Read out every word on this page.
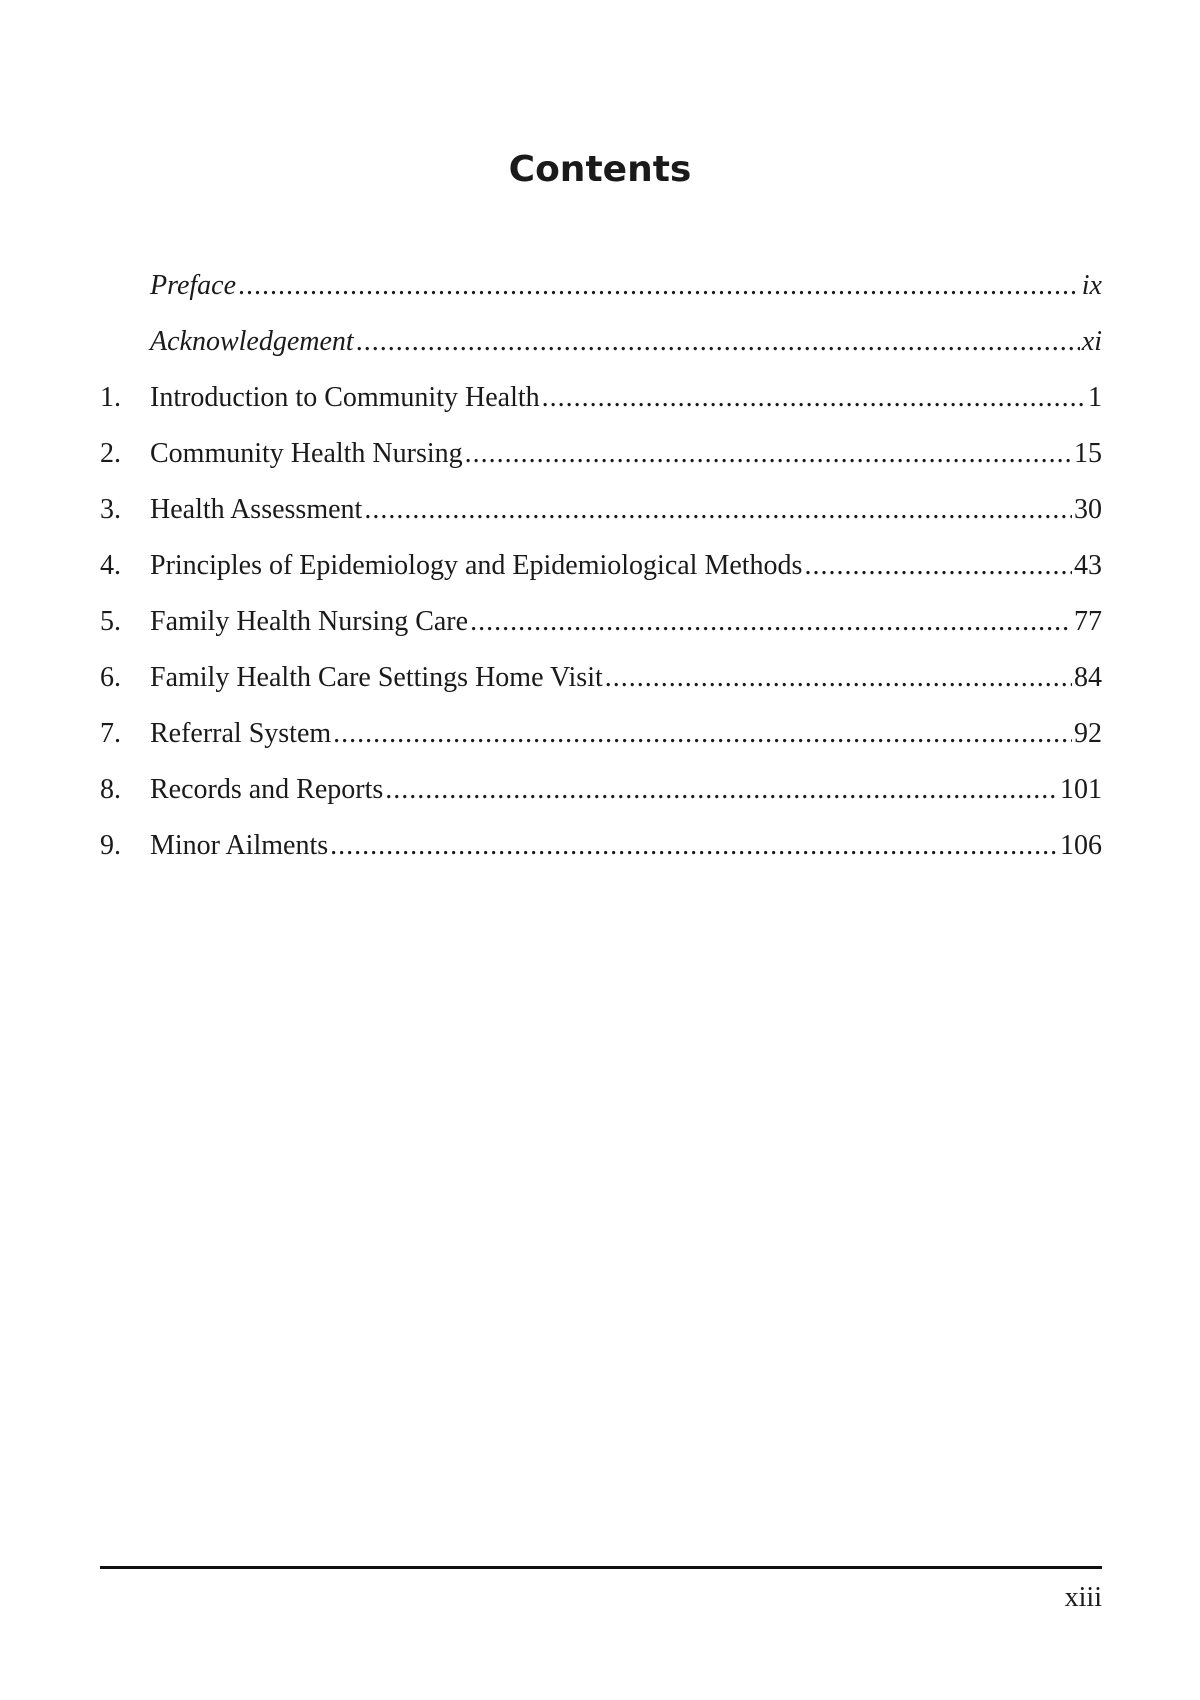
Contents
Preface .....	ix
Acknowledgement .....	xi
1.	Introduction to Community Health .....	1
2.	Community Health Nursing .....	15
3.	Health Assessment .....	30
4.	Principles of Epidemiology and Epidemiological Methods .....	43
5.	Family Health Nursing Care .....	77
6.	Family Health Care Settings Home Visit .....	84
7.	Referral System .....	92
8.	Records and Reports .....	101
9.	Minor Ailments .....	106
xiii
